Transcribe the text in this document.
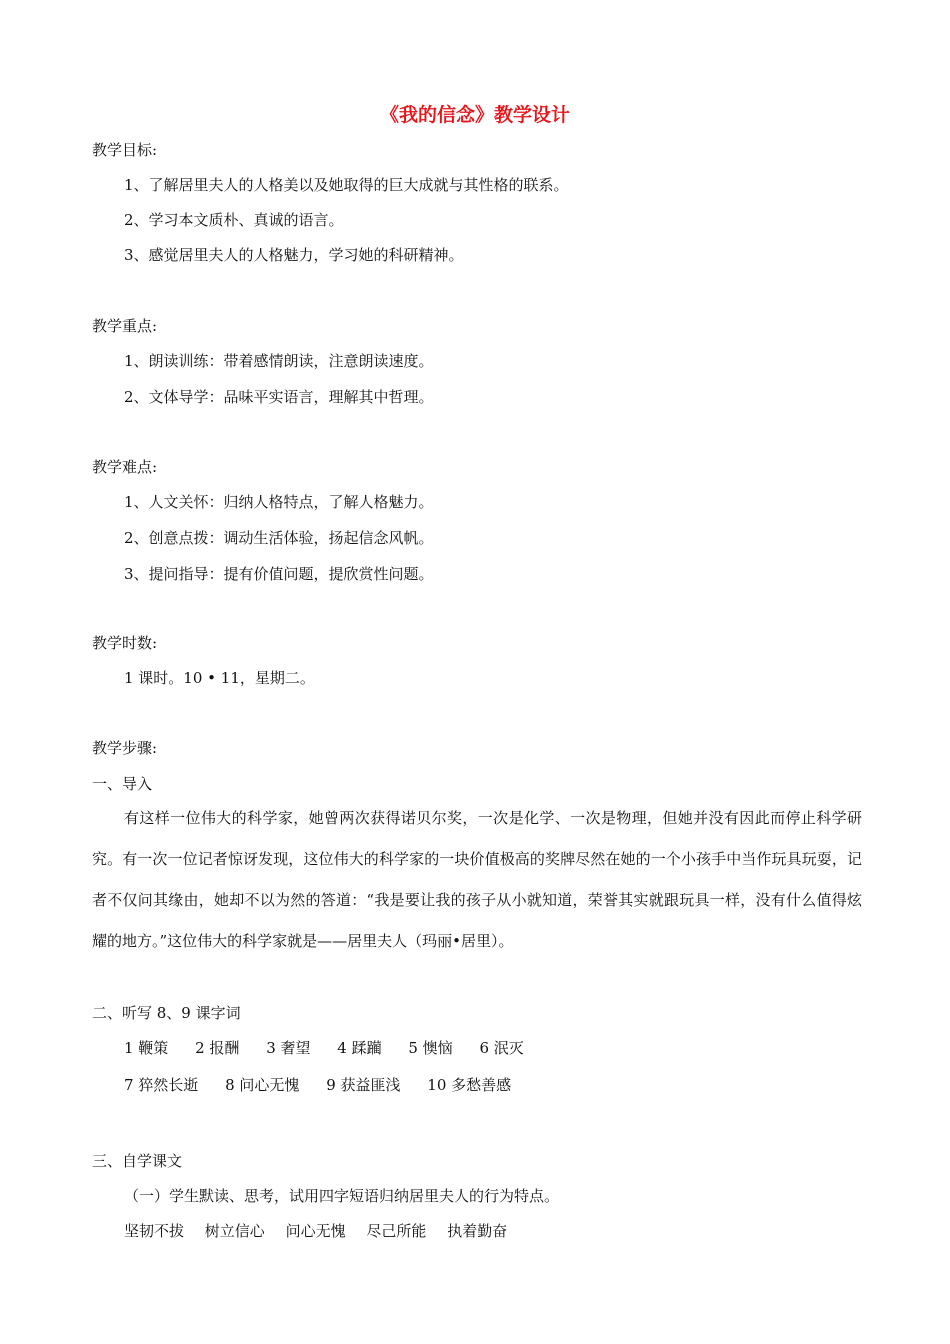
《我的信念》教学设计
教学目标:
1、了解居里夫人的人格美以及她取得的巨大成就与其性格的联系。
2、学习本文质朴、真诚的语言。
3、感觉居里夫人的人格魅力，学习她的科研精神。
教学重点:
1、朗读训练：带着感情朗读，注意朗读速度。
2、文体导学：品味平实语言，理解其中哲理。
教学难点:
1、人文关怀：归纳人格特点，了解人格魅力。
2、创意点拨：调动生活体验，扬起信念风帆。
3、提问指导：提有价值问题，提欣赏性问题。
教学时数:
1 课时。10 • 11，星期二。
教学步骤:
一、导入
有这样一位伟大的科学家，她曾两次获得诺贝尔奖，一次是化学、一次是物理，但她并没有因此而停止科学研究。有一次一位记者惊讶发现，这位伟大的科学家的一块价值极高的奖牌尽然在她的一个小孩手中当作玩具玩耍，记者不仅问其缘由，她却不以为然的答道：“我是要让我的孩子从小就知道，荣誉其实就跟玩具一样，没有什么值得炫耀的地方。”这位伟大的科学家就是——居里夫人（玛丽•居里）。
二、听写 8、9 课字词
1 鞭策 2 报酬 3 奢望 4 蹂躏 5 懊恼 6 泯灭
7 猝然长逝 8 问心无愧 9 获益匪浅 10 多愁善感
三、自学课文
（一）学生默读、思考，试用四字短语归纳居里夫人的行为特点。
坚韧不拔 树立信心 问心无愧 尽己所能 执着勤奋
